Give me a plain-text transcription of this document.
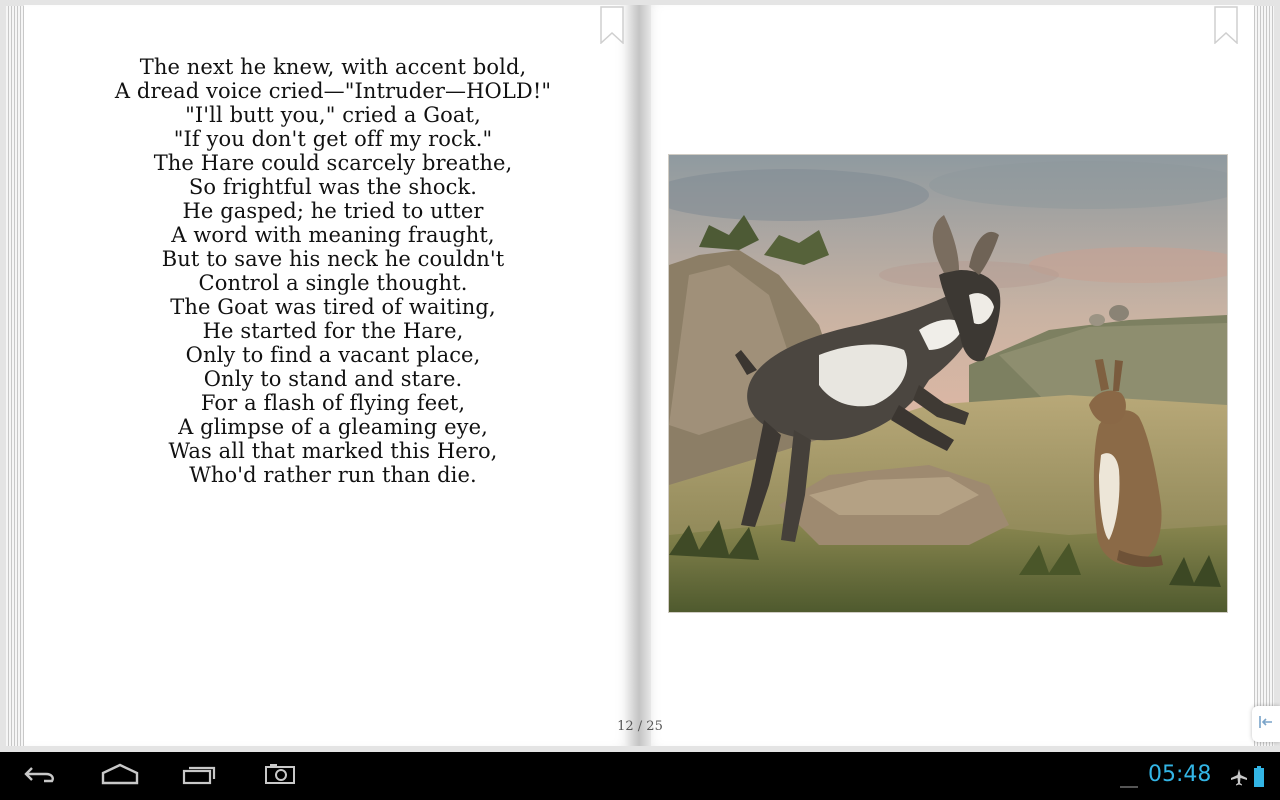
The next he knew, with accent bold,
A dread voice cried—"Intruder—HOLD!"
"I'll butt you," cried a Goat,
"If you don't get off my rock."
The Hare could scarcely breathe,
So frightful was the shock.
He gasped; he tried to utter
A word with meaning fraught,
But to save his neck he couldn't
Control a single thought.
The Goat was tired of waiting,
He started for the Hare,
Only to find a vacant place,
Only to stand and stare.
For a flash of flying feet,
A glimpse of a gleaming eye,
Was all that marked this Hero,
Who'd rather run than die.
12 / 25
05:48
